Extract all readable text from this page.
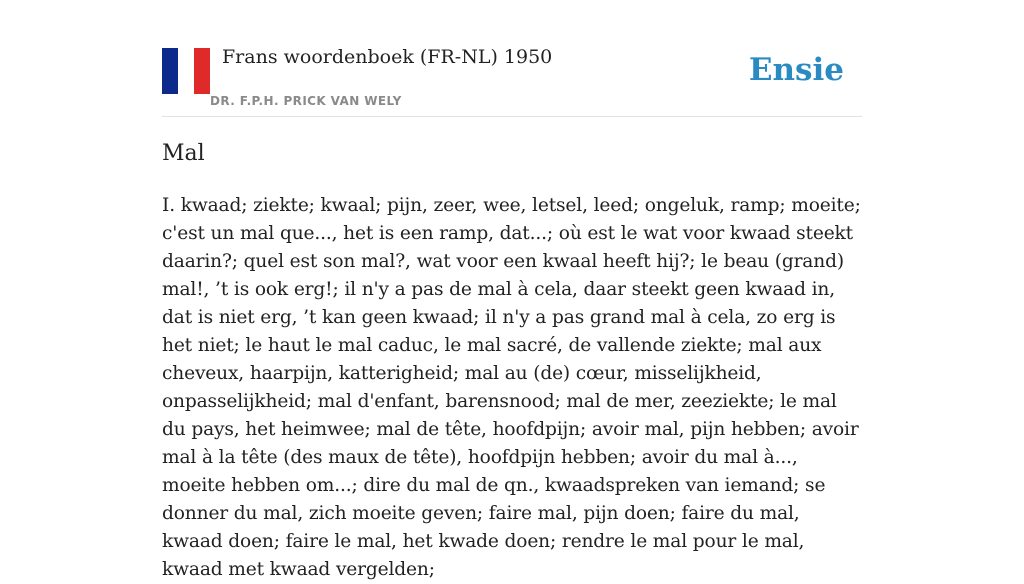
Frans woordenboek (FR-NL) 1950
DR. F.P.H. PRICK VAN WELY
Ensie
Mal

I. kwaad; ziekte; kwaal; pijn, zeer, wee, letsel, leed; ongeluk, ramp; moeite; c'est un mal que..., het is een ramp, dat...; où est le wat voor kwaad steekt daarin?; quel est son mal?, wat voor een kwaal heeft hij?; le beau (grand) mal!, ’t is ook erg!; il n'y a pas de mal à cela, daar steekt geen kwaad in, dat is niet erg, ’t kan geen kwaad; il n'y a pas grand mal à cela, zo erg is het niet; le haut le mal caduc, le mal sacré, de vallende ziekte; mal aux cheveux, haarpijn, katterigheid; mal au (de) cœur, misselijkheid, onpasselijkheid; mal d'enfant, barensnood; mal de mer, zeeziekte; le mal du pays, het heimwee; mal de tête, hoofdpijn; avoir mal, pijn hebben; avoir mal à la tête (des maux de tête), hoofdpijn hebben; avoir du mal à..., moeite hebben om...; dire du mal de qn., kwaadspreken van iemand; se donner du mal, zich moeite geven; faire mal, pijn doen; faire du mal, kwaad doen; faire le mal, het kwade doen; rendre le mal pour le mal, kwaad met kwaad vergelden;
